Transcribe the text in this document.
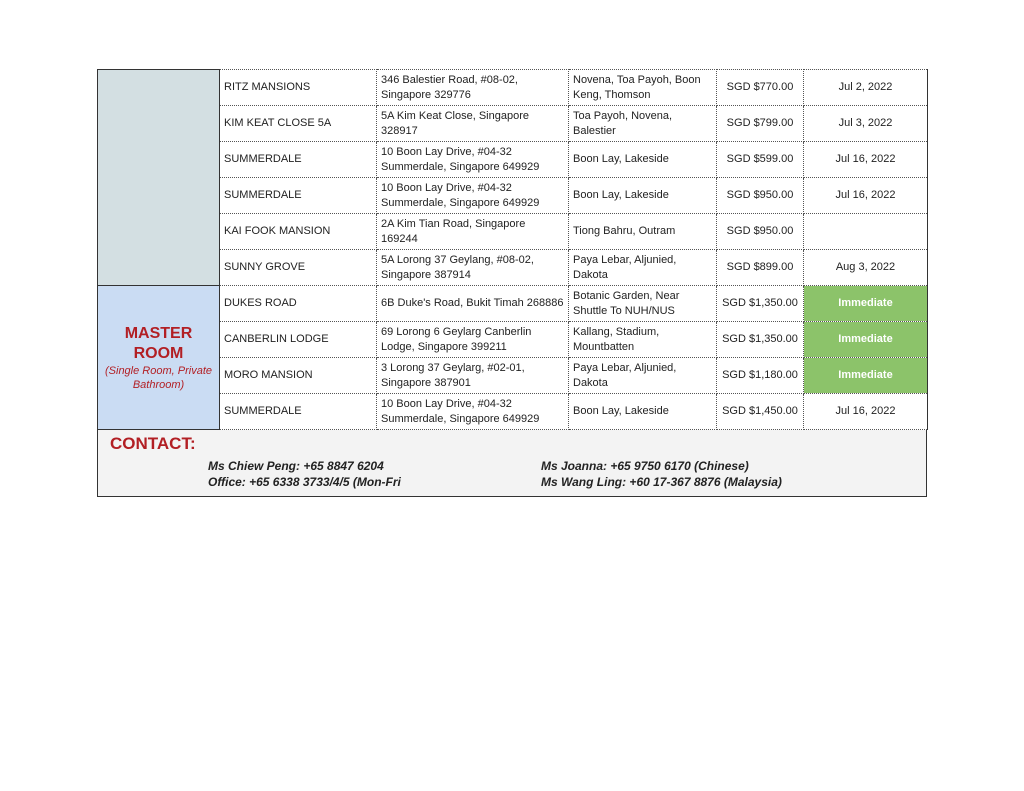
	RITZ MANSIONS	346 Balestier Road, #08-02, Singapore 329776	Novena, Toa Payoh, Boon Keng, Thomson	SGD $770.00	Jul 2, 2022
	KIM KEAT CLOSE 5A	5A Kim Keat Close, Singapore 328917	Toa Payoh, Novena, Balestier	SGD $799.00	Jul 3, 2022
	SUMMERDALE	10 Boon Lay Drive, #04-32 Summerdale, Singapore 649929	Boon Lay, Lakeside	SGD $599.00	Jul 16, 2022
	SUMMERDALE	10 Boon Lay Drive, #04-32 Summerdale, Singapore 649929	Boon Lay, Lakeside	SGD $950.00	Jul 16, 2022
	KAI FOOK MANSION	2A Kim Tian Road, Singapore 169244	Tiong Bahru, Outram	SGD $950.00	
	SUNNY GROVE	5A Lorong 37 Geylang, #08-02, Singapore 387914	Paya Lebar, Aljunied, Dakota	SGD $899.00	Aug 3, 2022

MASTER ROOM
(Single Room, Private Bathroom)	DUKES ROAD	6B Duke's Road, Bukit Timah 268886	Botanic Garden, Near Shuttle To NUH/NUS	SGD $1,350.00	Immediate
	CANBERLIN LODGE	69 Lorong 6 Geylarg Canberlin Lodge, Singapore 399211	Kallang, Stadium, Mountbatten	SGD $1,350.00	Immediate
	MORO MANSION	3 Lorong 37 Geylarg, #02-01, Singapore 387901	Paya Lebar, Aljunied, Dakota	SGD $1,180.00	Immediate
	SUMMERDALE	10 Boon Lay Drive, #04-32 Summerdale, Singapore 649929	Boon Lay, Lakeside	SGD $1,450.00	Jul 16, 2022
CONTACT:
Ms Chiew Peng: +65 8847 6204
Office: +65 6338 3733/4/5 (Mon-Fri
Ms Joanna: +65 9750 6170 (Chinese)
Ms Wang Ling: +60 17-367 8876 (Malaysia)
